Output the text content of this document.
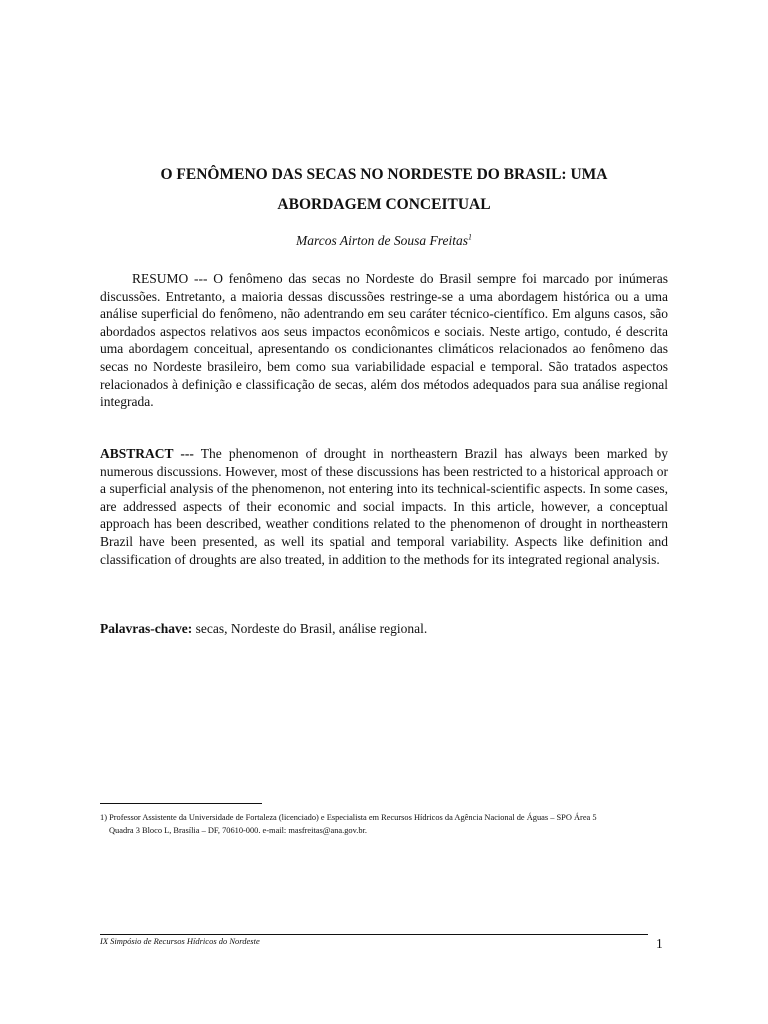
O FENÔMENO DAS SECAS NO NORDESTE DO BRASIL: UMA
ABORDAGEM CONCEITUAL
Marcos Airton de Sousa Freitas$^1$

RESUMO --- O fenômeno das secas no Nordeste do Brasil sempre foi marcado por inúmeras discussões. Entretanto, a maioria dessas discussões restringe-se a uma abordagem histórica ou a uma análise superficial do fenômeno, não adentrando em seu caráter técnico-científico. Em alguns casos, são abordados aspectos relativos aos seus impactos econômicos e sociais. Neste artigo, contudo, é descrita uma abordagem conceitual, apresentando os condicionantes climáticos relacionados ao fenômeno das secas no Nordeste brasileiro, bem como sua variabilidade espacial e temporal. São tratados aspectos relacionados à definição e classificação de secas, além dos métodos adequados para sua análise regional integrada.

ABSTRACT --- The phenomenon of drought in northeastern Brazil has always been marked by numerous discussions. However, most of these discussions has been restricted to a historical approach or a superficial analysis of the phenomenon, not entering into its technical-scientific aspects. In some cases, are addressed aspects of their economic and social impacts. In this article, however, a conceptual approach has been described, weather conditions related to the phenomenon of drought in northeastern Brazil have been presented, as well its spatial and temporal variability. Aspects like definition and classification of droughts are also treated, in addition to the methods for its integrated regional analysis.

Palavras-chave: secas, Nordeste do Brasil, análise regional.

1) Professor Assistente da Universidade de Fortaleza (licenciado) e Especialista em Recursos Hídricos da Agência Nacional de Águas – SPO Área 5
Quadra 3 Bloco L, Brasília – DF, 70610-000. e-mail: masfreitas@ana.gov.br.
IX Simpósio de Recursos Hídricos do Nordeste	1
